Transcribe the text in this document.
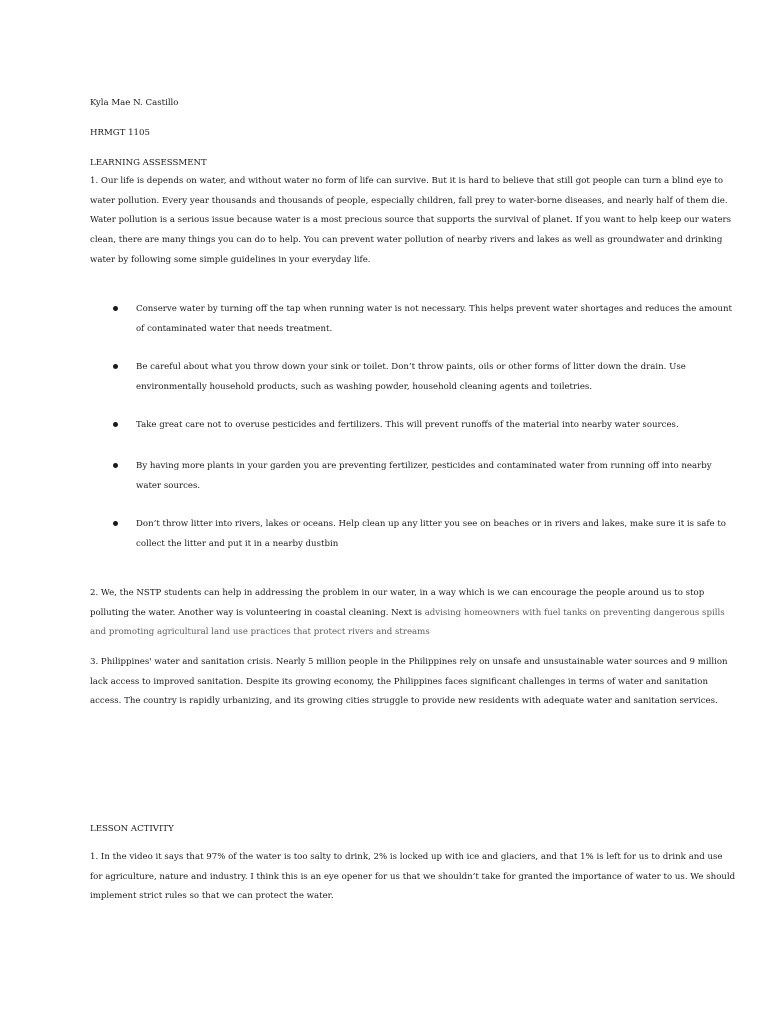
Kyla Mae N. Castillo
HRMGT 1105
LEARNING ASSESSMENT
1. Our life is depends on water, and without water no form of life can survive. But it is hard to believe that still got people can turn a blind eye to
water pollution. Every year thousands and thousands of people, especially children, fall prey to water-borne diseases, and nearly half of them die.
Water pollution is a serious issue because water is a most precious source that supports the survival of planet. If you want to help keep our waters
clean, there are many things you can do to help. You can prevent water pollution of nearby rivers and lakes as well as groundwater and drinking
water by following some simple guidelines in your everyday life.
Conserve water by turning off the tap when running water is not necessary. This helps prevent water shortages and reduces the amount
of contaminated water that needs treatment.
Be careful about what you throw down your sink or toilet. Don’t throw paints, oils or other forms of litter down the drain. Use
environmentally household products, such as washing powder, household cleaning agents and toiletries.
Take great care not to overuse pesticides and fertilizers. This will prevent runoffs of the material into nearby water sources.
By having more plants in your garden you are preventing fertilizer, pesticides and contaminated water from running off into nearby
water sources.
Don’t throw litter into rivers, lakes or oceans. Help clean up any litter you see on beaches or in rivers and lakes, make sure it is safe to
collect the litter and put it in a nearby dustbin
2. We, the NSTP students can help in addressing the problem in our water, in a way which is we can encourage the people around us to stop
polluting the water. Another way is volunteering in coastal cleaning. Next is advising homeowners with fuel tanks on preventing dangerous spills
and promoting agricultural land use practices that protect rivers and streams
3. Philippines' water and sanitation crisis. Nearly 5 million people in the Philippines rely on unsafe and unsustainable water sources and 9 million
lack access to improved sanitation. Despite its growing economy, the Philippines faces significant challenges in terms of water and sanitation
access. The country is rapidly urbanizing, and its growing cities struggle to provide new residents with adequate water and sanitation services.
LESSON ACTIVITY
1. In the video it says that 97% of the water is too salty to drink, 2% is locked up with ice and glaciers, and that 1% is left for us to drink and use
for agriculture, nature and industry. I think this is an eye opener for us that we shouldn’t take for granted the importance of water to us. We should
implement strict rules so that we can protect the water.
